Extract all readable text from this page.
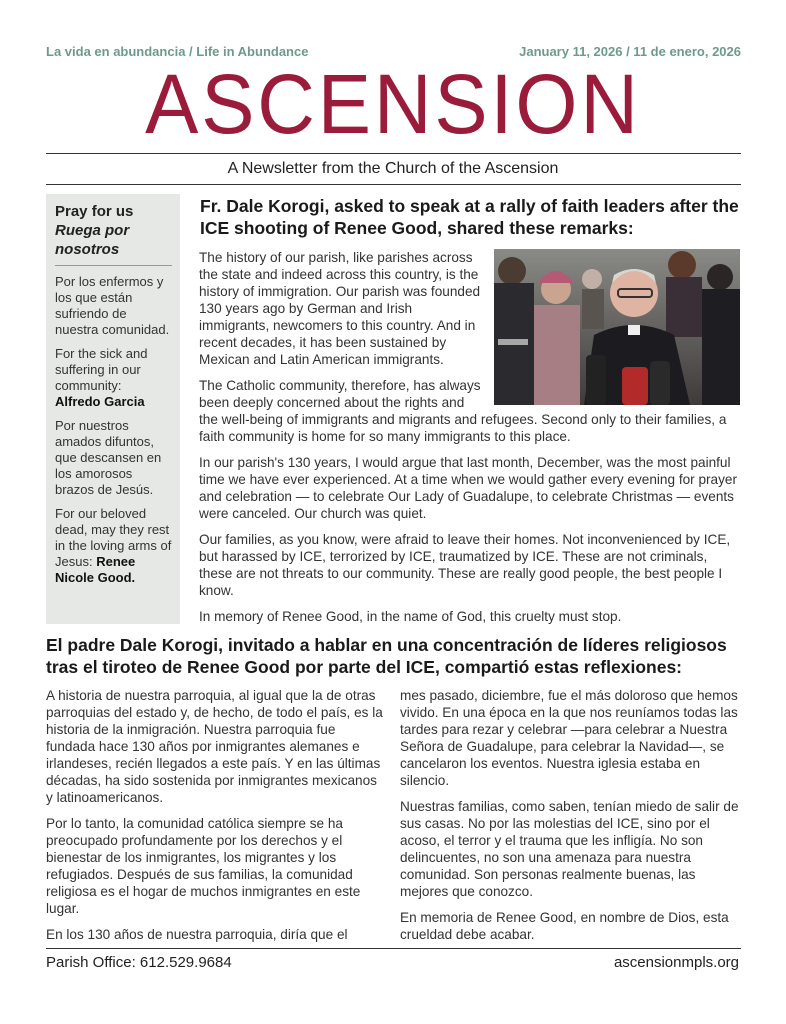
La vida en abundancia / Life in Abundance	January 11, 2026 / 11 de enero, 2026
ASCENSION
A Newsletter from the Church of the Ascension
Pray for us
Ruega por nosotros

Por los enfermos y los que están sufriendo de nuestra comunidad.

For the sick and suffering in our community:
Alfredo Garcia

Por nuestros amados difuntos, que descansen en los amorosos brazos de Jesús.

For our beloved dead, may they rest in the loving arms of Jesus: Renee Nicole Good.

Fr. Dale Korogi, asked to speak at a rally of faith leaders after the ICE shooting of Renee Good, shared these remarks:

The history of our parish, like parishes across the state and indeed across this country, is the history of immigration. Our parish was founded 130 years ago by German and Irish immigrants, newcomers to this country. And in recent decades, it has been sustained by Mexican and Latin American immigrants.

The Catholic community, therefore, has always been deeply concerned about the rights and the well-being of immigrants and migrants and refugees. Second only to their families, a faith community is home for so many immigrants to this place.

In our parish's 130 years, I would argue that last month, December, was the most painful time we have ever experienced. At a time when we would gather every evening for prayer and celebration — to celebrate Our Lady of Guadalupe, to celebrate Christmas — events were canceled. Our church was quiet.

Our families, as you know, were afraid to leave their homes. Not inconvenienced by ICE, but harassed by ICE, terrorized by ICE, traumatized by ICE. These are not criminals, these are not threats to our community. These are really good people, the best people I know.

In memory of Renee Good, in the name of God, this cruelty must stop.

El padre Dale Korogi, invitado a hablar en una concentración de líderes religiosos tras el tiroteo de Renee Good por parte del ICE, compartió estas reflexiones:

A historia de nuestra parroquia, al igual que la de otras parroquias del estado y, de hecho, de todo el país, es la historia de la inmigración. Nuestra parroquia fue fundada hace 130 años por inmigrantes alemanes e irlandeses, recién llegados a este país. Y en las últimas décadas, ha sido sostenida por inmigrantes mexicanos y latinoamericanos.

Por lo tanto, la comunidad católica siempre se ha preocupado profundamente por los derechos y el bienestar de los inmigrantes, los migrantes y los refugiados. Después de sus familias, la comunidad religiosa es el hogar de muchos inmigrantes en este lugar.

En los 130 años de nuestra parroquia, diría que el

mes pasado, diciembre, fue el más doloroso que hemos vivido. En una época en la que nos reuníamos todas las tardes para rezar y celebrar —para celebrar a Nuestra Señora de Guadalupe, para celebrar la Navidad—, se cancelaron los eventos. Nuestra iglesia estaba en silencio.

Nuestras familias, como saben, tenían miedo de salir de sus casas. No por las molestias del ICE, sino por el acoso, el terror y el trauma que les infligía. No son delincuentes, no son una amenaza para nuestra comunidad. Son personas realmente buenas, las mejores que conozco.

En memoria de Renee Good, en nombre de Dios, esta crueldad debe acabar.

Parish Office: 612.529.9684	ascensionmpls.org
